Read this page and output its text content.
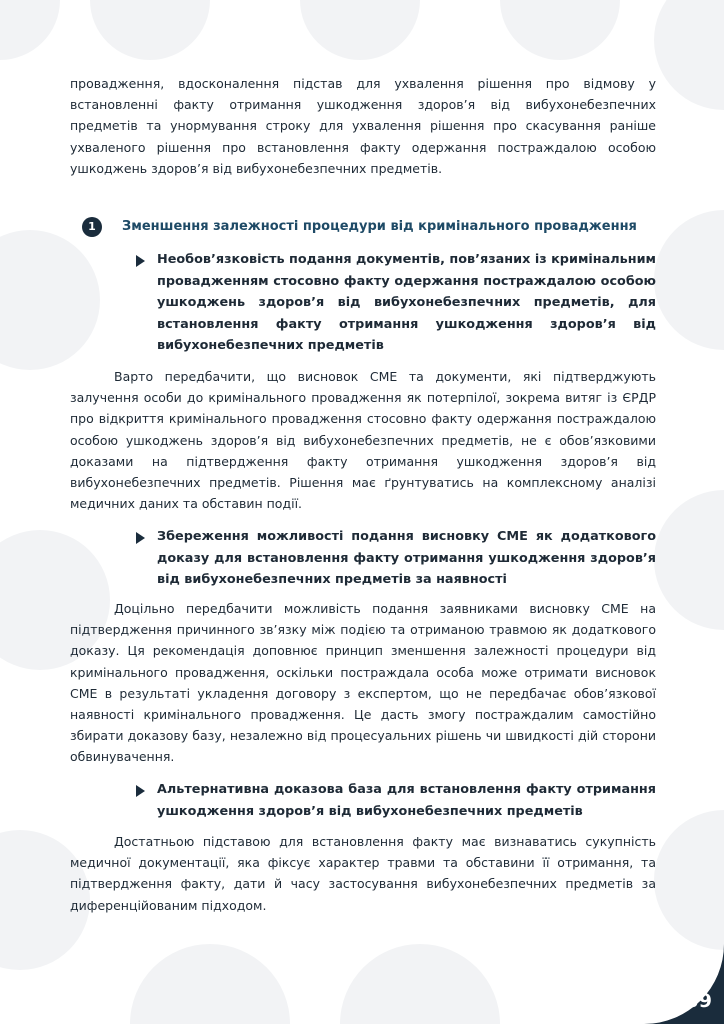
провадження, вдосконалення підстав для ухвалення рішення про відмову у встановленні факту отримання ушкодження здоров’я від вибухонебезпечних предметів та унормування строку для ухвалення рішення про скасування раніше ухваленого рішення про встановлення факту одержання постраждалою особою ушкоджень здоров’я від вибухонебезпечних предметів.

1	Зменшення залежності процедури від кримінального провадження

Необов’язковість подання документів, пов’язаних із кримінальним провадженням стосовно факту одержання постраждалою особою ушкоджень здоров’я від вибухонебезпечних предметів, для встановлення факту отримання ушкодження здоров’я від вибухонебезпечних предметів

Варто передбачити, що висновок СМЕ та документи, які підтверджують залучення особи до кримінального провадження як потерпілої, зокрема витяг із ЄРДР про відкриття кримінального провадження стосовно факту одержання постраждалою особою ушкоджень здоров’я від вибухонебезпечних предметів, не є обов’язковими доказами на підтвердження факту отримання ушкодження здоров’я від вибухонебезпечних предметів. Рішення має ґрунтуватись на комплексному аналізі медичних даних та обставин події.

Збереження можливості подання висновку СМЕ як додаткового доказу для встановлення факту отримання ушкодження здоров’я від вибухонебезпечних предметів за наявності

Доцільно передбачити можливість подання заявниками висновку СМЕ на підтвердження причинного зв’язку між подією та отриманою травмою як додаткового доказу. Ця рекомендація доповнює принцип зменшення залежності процедури від кримінального провадження, оскільки постраждала особа може отримати висновок СМЕ в результаті укладення договору з експертом, що не передбачає обов’язкової наявності кримінального провадження. Це дасть змогу постраждалим самостійно збирати доказову базу, незалежно від процесуальних рішень чи швидкості дій сторони обвинувачення.

Альтернативна доказова база для встановлення факту отримання ушкодження здоров’я від вибухонебезпечних предметів

Достатньою підставою для встановлення факту має визнаватись сукупність медичної документації, яка фіксує характер травми та обставини її отримання, та підтвердження факту, дати й часу застосування вибухонебезпечних предметів за диференційованим підходом.

39
